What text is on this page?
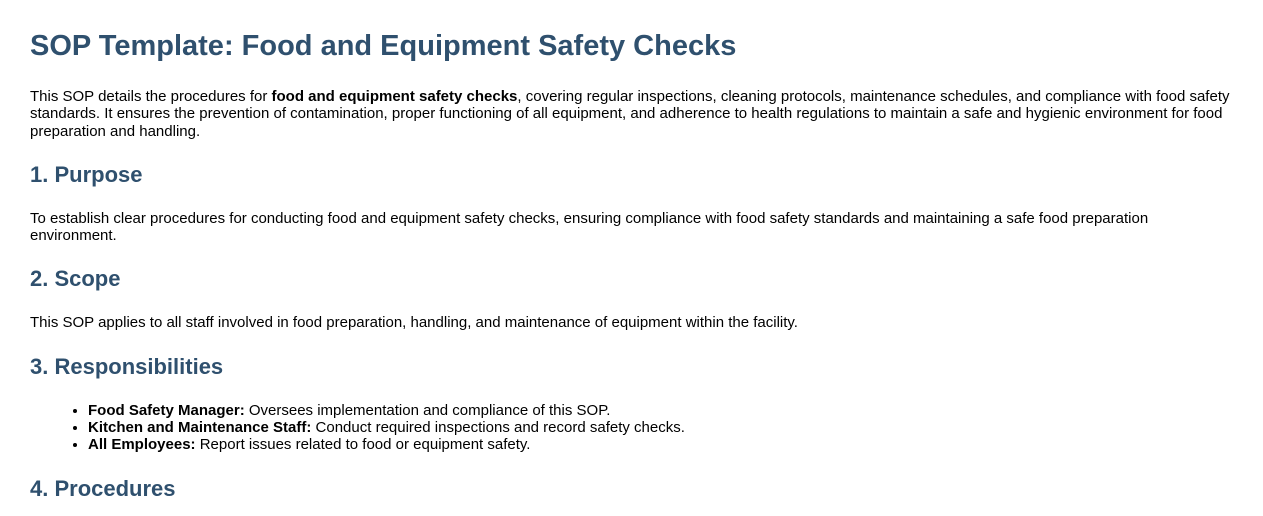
SOP Template: Food and Equipment Safety Checks

This SOP details the procedures for food and equipment safety checks, covering regular inspections, cleaning protocols, maintenance schedules, and compliance with food safety standards. It ensures the prevention of contamination, proper functioning of all equipment, and adherence to health regulations to maintain a safe and hygienic environment for food preparation and handling.

1. Purpose

To establish clear procedures for conducting food and equipment safety checks, ensuring compliance with food safety standards and maintaining a safe food preparation environment.

2. Scope

This SOP applies to all staff involved in food preparation, handling, and maintenance of equipment within the facility.

3. Responsibilities
• Food Safety Manager: Oversees implementation and compliance of this SOP.
• Kitchen and Maintenance Staff: Conduct required inspections and record safety checks.
• All Employees: Report issues related to food or equipment safety.
4. Procedures
